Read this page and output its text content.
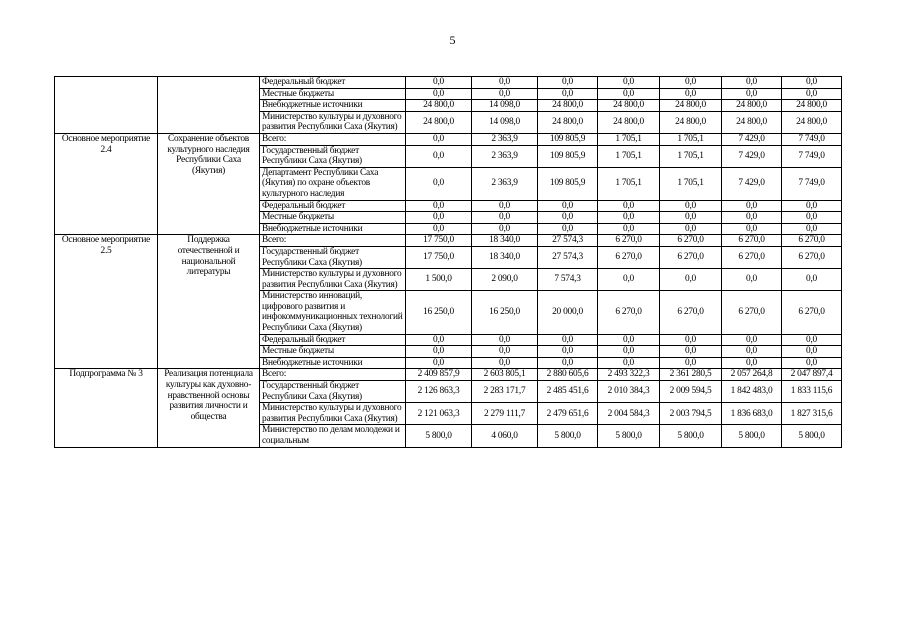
5
		Федеральный бюджет	0,0	0,0	0,0	0,0	0,0	0,0	0,0
		Местные бюджеты	0,0	0,0	0,0	0,0	0,0	0,0	0,0
		Внебюджетные источники	24 800,0	14 098,0	24 800,0	24 800,0	24 800,0	24 800,0	24 800,0
		Министерство культуры и духовного развития Республики Саха (Якутия)	24 800,0	14 098,0	24 800,0	24 800,0	24 800,0	24 800,0	24 800,0
Основное мероприятие 2.4	Сохранение объектов культурного наследия Республики Саха (Якутия)	Всего:	0,0	2 363,9	109 805,9	1 705,1	1 705,1	7 429,0	7 749,0
		Государственный бюджет Республики Саха (Якутия)	0,0	2 363,9	109 805,9	1 705,1	1 705,1	7 429,0	7 749,0
		Департамент Республики Саха (Якутия) по охране объектов культурного наследия	0,0	2 363,9	109 805,9	1 705,1	1 705,1	7 429,0	7 749,0
		Федеральный бюджет	0,0	0,0	0,0	0,0	0,0	0,0	0,0
		Местные бюджеты	0,0	0,0	0,0	0,0	0,0	0,0	0,0
		Внебюджетные источники	0,0	0,0	0,0	0,0	0,0	0,0	0,0
Основное мероприятие 2.5	Поддержка отечественной и национальной литературы	Всего:	17 750,0	18 340,0	27 574,3	6 270,0	6 270,0	6 270,0	6 270,0
		Государственный бюджет Республики Саха (Якутия)	17 750,0	18 340,0	27 574,3	6 270,0	6 270,0	6 270,0	6 270,0
		Министерство культуры и духовного развития Республики Саха (Якутия)	1 500,0	2 090,0	7 574,3	0,0	0,0	0,0	0,0
		Министерство инноваций, цифрового развития и инфокоммуникационных технологий Республики Саха (Якутия)	16 250,0	16 250,0	20 000,0	6 270,0	6 270,0	6 270,0	6 270,0
		Федеральный бюджет	0,0	0,0	0,0	0,0	0,0	0,0	0,0
		Местные бюджеты	0,0	0,0	0,0	0,0	0,0	0,0	0,0
		Внебюджетные источники	0,0	0,0	0,0	0,0	0,0	0,0	0,0
Подпрограмма № 3	Реализация потенциала культуры как духовно-нравственной основы развития личности и общества	Всего:	2 409 857,9	2 603 805,1	2 880 605,6	2 493 322,3	2 361 280,5	2 057 264,8	2 047 897,4
		Государственный бюджет Республики Саха (Якутия)	2 126 863,3	2 283 171,7	2 485 451,6	2 010 384,3	2 009 594,5	1 842 483,0	1 833 115,6
		Министерство культуры и духовного развития Республики Саха (Якутия)	2 121 063,3	2 279 111,7	2 479 651,6	2 004 584,3	2 003 794,5	1 836 683,0	1 827 315,6
		Министерство по делам молодежи и социальным	5 800,0	4 060,0	5 800,0	5 800,0	5 800,0	5 800,0	5 800,0
